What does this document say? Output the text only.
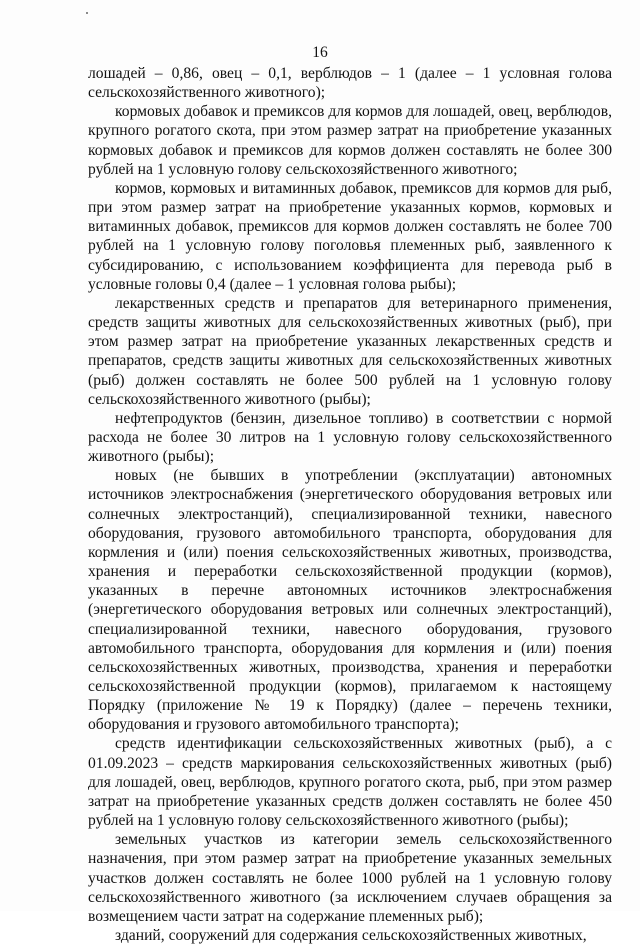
16

лошадей – 0,86, овец – 0,1, верблюдов – 1 (далее – 1 условная голова сельскохозяйственного животного);

кормовых добавок и премиксов для кормов для лошадей, овец, верблюдов, крупного рогатого скота, при этом размер затрат на приобретение указанных кормовых добавок и премиксов для кормов должен составлять не более 300 рублей на 1 условную голову сельскохозяйственного животного;

кормов, кормовых и витаминных добавок, премиксов для кормов для рыб, при этом размер затрат на приобретение указанных кормов, кормовых и витаминных добавок, премиксов для кормов должен составлять не более 700 рублей на 1 условную голову поголовья племенных рыб, заявленного к субсидированию, с использованием коэффициента для перевода рыб в условные головы 0,4 (далее – 1 условная голова рыбы);

лекарственных средств и препаратов для ветеринарного применения, средств защиты животных для сельскохозяйственных животных (рыб), при этом размер затрат на приобретение указанных лекарственных средств и препаратов, средств защиты животных для сельскохозяйственных животных (рыб) должен составлять не более 500 рублей на 1 условную голову сельскохозяйственного животного (рыбы);

нефтепродуктов (бензин, дизельное топливо) в соответствии с нормой расхода не более 30 литров на 1 условную голову сельскохозяйственного животного (рыбы);

новых (не бывших в употреблении (эксплуатации) автономных источников электроснабжения (энергетического оборудования ветровых или солнечных электростанций), специализированной техники, навесного оборудования, грузового автомобильного транспорта, оборудования для кормления и (или) поения сельскохозяйственных животных, производства, хранения и переработки сельскохозяйственной продукции (кормов), указанных в перечне автономных источников электроснабжения (энергетического оборудования ветровых или солнечных электростанций), специализированной техники, навесного оборудования, грузового автомобильного транспорта, оборудования для кормления и (или) поения сельскохозяйственных животных, производства, хранения и переработки сельскохозяйственной продукции (кормов), прилагаемом к настоящему Порядку (приложение № 19 к Порядку) (далее – перечень техники, оборудования и грузового автомобильного транспорта);

средств идентификации сельскохозяйственных животных (рыб), а с 01.09.2023 – средств маркирования сельскохозяйственных животных (рыб) для лошадей, овец, верблюдов, крупного рогатого скота, рыб, при этом размер затрат на приобретение указанных средств должен составлять не более 450 рублей на 1 условную голову сельскохозяйственного животного (рыбы);

земельных участков из категории земель сельскохозяйственного назначения, при этом размер затрат на приобретение указанных земельных участков должен составлять не более 1000 рублей на 1 условную голову сельскохозяйственного животного (за исключением случаев обращения за возмещением части затрат на содержание племенных рыб);

зданий, сооружений для содержания сельскохозяйственных животных,
